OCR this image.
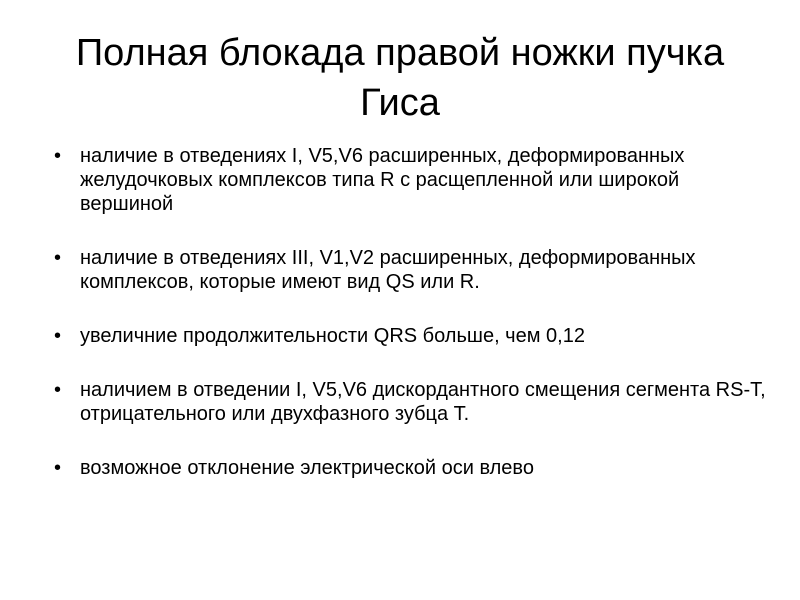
Полная блокада правой ножки пучка Гиса
• наличие в отведениях I, V5,V6 расширенных, деформированных желудочковых комплексов типа R с расщепленной или широкой вершиной
• наличие в отведениях III, V1,V2 расширенных, деформированных комплексов, которые имеют вид QS или R.
• увеличние продолжительности QRS больше, чем 0,12
• наличием в отведении I, V5,V6 дискордантного смещения сегмента RS-T, отрицательного или двухфазного зубца T.
• возможное отклонение электрической оси влево
